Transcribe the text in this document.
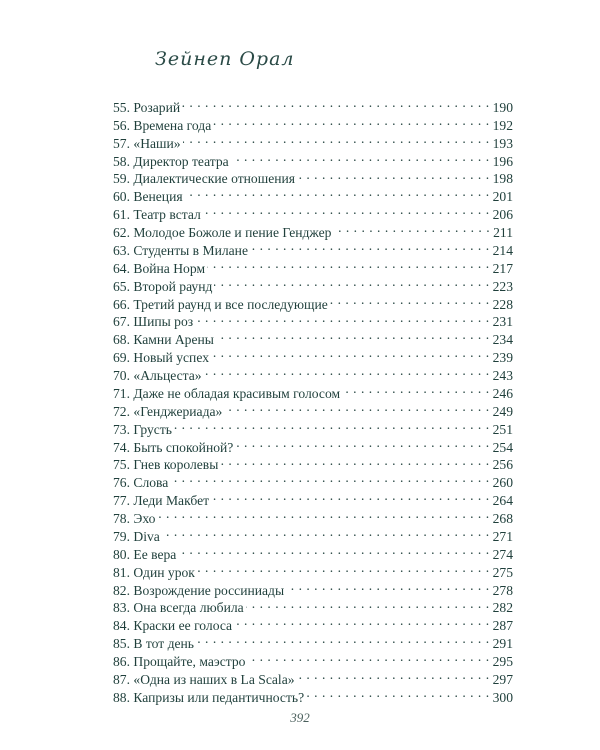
Зейнеп Орал
55. Розарий . . .	190
56. Времена года . . .	192
57. «Наши» . . .	193
58. Директор театра . . .	196
59. Диалектические отношения . . .	198
60. Венеция . . .	201
61. Театр встал . . .	206
62. Молодое Божоле и пение Генджер . . .	211
63. Студенты в Милане . . .	214
64. Война Норм . . .	217
65. Второй раунд . . .	223
66. Третий раунд и все последующие . . .	228
67. Шипы роз . . .	231
68. Камни Арены . . .	234
69. Новый успех . . .	239
70. «Альцеста» . . .	243
71. Даже не обладая красивым голосом . . .	246
72. «Генджериада» . . .	249
73. Грусть . . .	251
74. Быть спокойной? . . .	254
75. Гнев королевы . . .	256
76. Слова . . .	260
77. Леди Макбет . . .	264
78. Эхо . . .	268
79. Diva . . .	271
80. Ее вера . . .	274
81. Один урок . . .	275
82. Возрождение россиниады . . .	278
83. Она всегда любила . . .	282
84. Краски ее голоса . . .	287
85. В тот день . . .	291
86. Прощайте, маэстро . . .	295
87. «Одна из наших в La Scala» . . .	297
88. Капризы или педантичность? . . .	300
392
